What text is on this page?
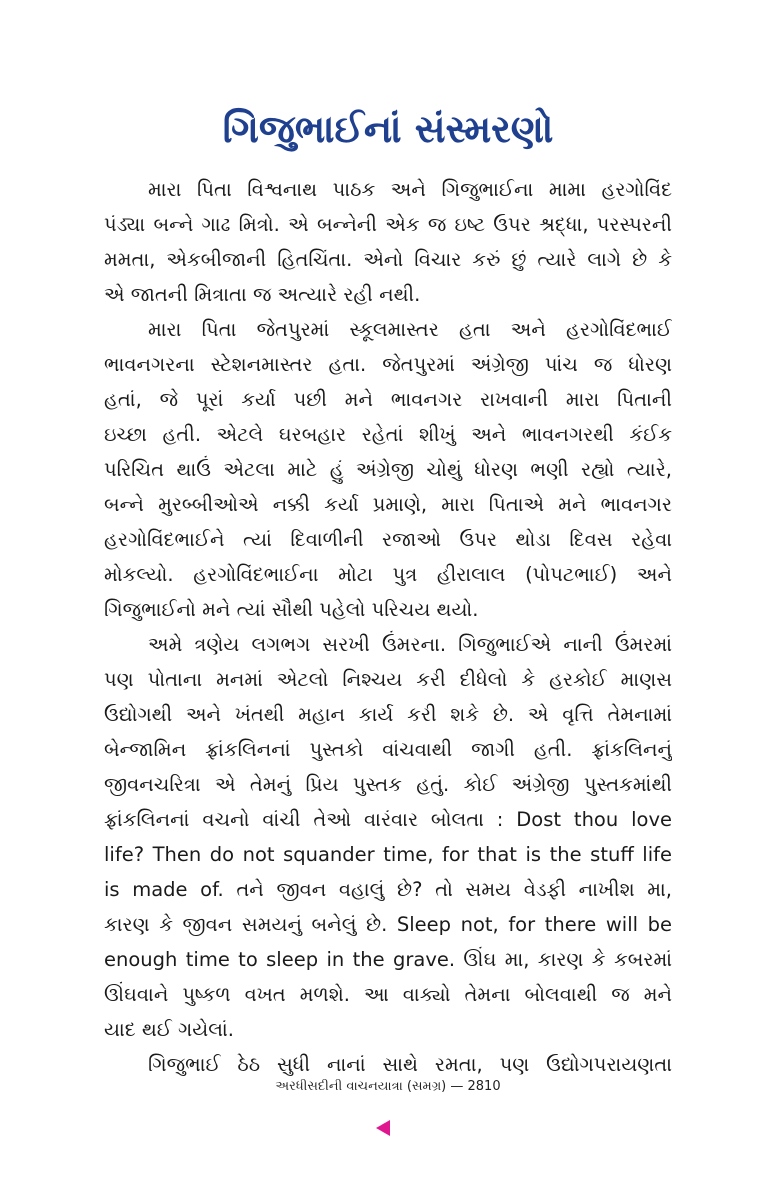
ગિજુભાઈનાં સંસ્મરણો
મારા પિતા વિશ્વનાથ પાઠક અને ગિજુભાઈના મામા હરગોવિંદ
પંડ્યા બન્ને ગાઢ મિત્રો. એ બન્નેની એક જ ઇષ્ટ ઉપર શ્રદ્ધા, પરસ્પરની
મમતા, એકબીજાની હિતચિંતા. એનો વિચાર કરું છું ત્યારે લાગે છે કે
એ જાતની મિત્રાતા જ અત્યારે રહી નથી.
મારા પિતા જેતપુરમાં સ્કૂલમાસ્તર હતા અને હરગોવિંદભાઈ
ભાવનગરના સ્ટેશનમાસ્તર હતા. જેતપુરમાં અંગ્રેજી પાંચ જ ધોરણ
હતાં, જે પૂરાં કર્યા પછી મને ભાવનગર રાખવાની મારા પિતાની
ઇચ્છા હતી. એટલે ઘરબહાર રહેતાં શીખું અને ભાવનગરથી કંઈક
પરિચિત થાઉં એટલા માટે હું અંગ્રેજી ચોથું ધોરણ ભણી રહ્યો ત્યારે,
બન્ને મુરબ્બીઓએ નક્કી કર્યા પ્રમાણે, મારા પિતાએ મને ભાવનગર
હરગોવિંદભાઈને ત્યાં દિવાળીની રજાઓ ઉપર થોડા દિવસ રહેવા
મોકલ્યો. હરગોવિંદભાઈના મોટા પુત્ર હીરાલાલ (પોપટભાઈ) અને
ગિજુભાઈનો મને ત્યાં સૌથી પહેલો પરિચય થયો.
અમે ત્રણેય લગભગ સરખી ઉંમરના. ગિજુભાઈએ નાની ઉંમરમાં
પણ પોતાના મનમાં એટલો નિશ્ચય કરી દીધેલો કે હરકોઈ માણસ
ઉદ્યોગથી અને ખંતથી મહાન કાર્ય કરી શકે છે. એ વૃત્તિ તેમનામાં
બેન્જામિન ફ્રાંકલિનનાં પુસ્તકો વાંચવાથી જાગી હતી. ફ્રાંકલિનનું
જીવનચરિત્રા એ તેમનું પ્રિય પુસ્તક હતું. કોઈ અંગ્રેજી પુસ્તકમાંથી
ફ્રાંકલિનનાં વચનો વાંચી તેઓ વારંવાર બોલતા : Dost thou love
life? Then do not squander time, for that is the stuff life
is made of. તને જીવન વહાલું છે? તો સમય વેડફી નાખીશ મા,
કારણ કે જીવન સમયનું બનેલું છે. Sleep not, for there will be
enough time to sleep in the grave. ઊંઘ મા, કારણ કે કબરમાં
ઊંઘવાને પુષ્કળ વખત મળશે. આ વાક્યો તેમના બોલવાથી જ મને
યાદ થઈ ગયેલાં.
ગિજુભાઈ ઠેઠ સુધી નાનાં સાથે રમતા, પણ ઉદ્યોગપરાયણતા
અરધીસદીની વાચનયાત્રા (સમગ્ર) — 2810
